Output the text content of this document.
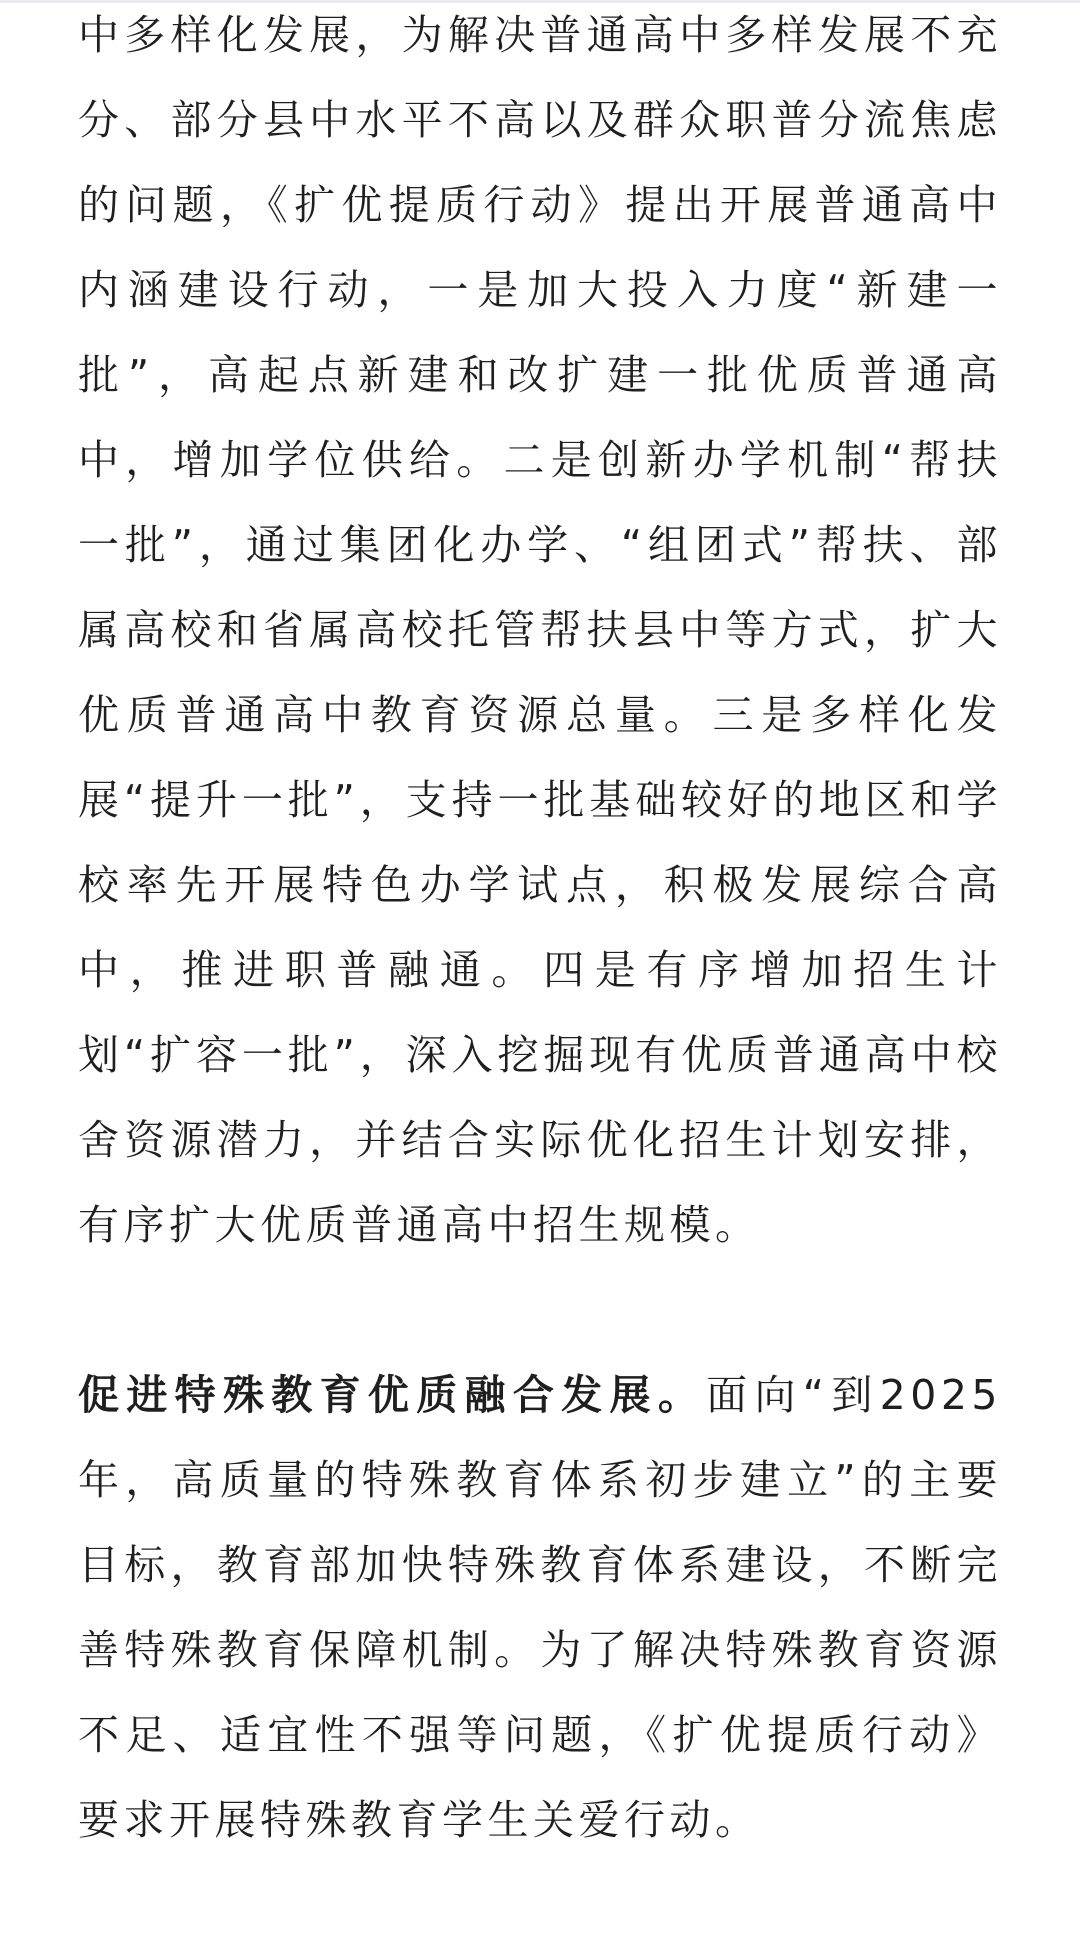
中多样化发展，为解决普通高中多样发展不充分、部分县中水平不高以及群众职普分流焦虑的问题，《扩优提质行动》提出开展普通高中内涵建设行动，一是加大投入力度“新建一批”，高起点新建和改扩建一批优质普通高中，增加学位供给。二是创新办学机制“帮扶一批”，通过集团化办学、“组团式”帮扶、部属高校和省属高校托管帮扶县中等方式，扩大优质普通高中教育资源总量。三是多样化发展“提升一批”，支持一批基础较好的地区和学校率先开展特色办学试点，积极发展综合高中，推进职普融通。四是有序增加招生计划“扩容一批”，深入挖掘现有优质普通高中校舍资源潜力，并结合实际优化招生计划安排，有序扩大优质普通高中招生规模。

促进特殊教育优质融合发展。面向“到2025年，高质量的特殊教育体系初步建立”的主要目标，教育部加快特殊教育体系建设，不断完善特殊教育保障机制。为了解决特殊教育资源不足、适宜性不强等问题，《扩优提质行动》要求开展特殊教育学生关爱行动。
